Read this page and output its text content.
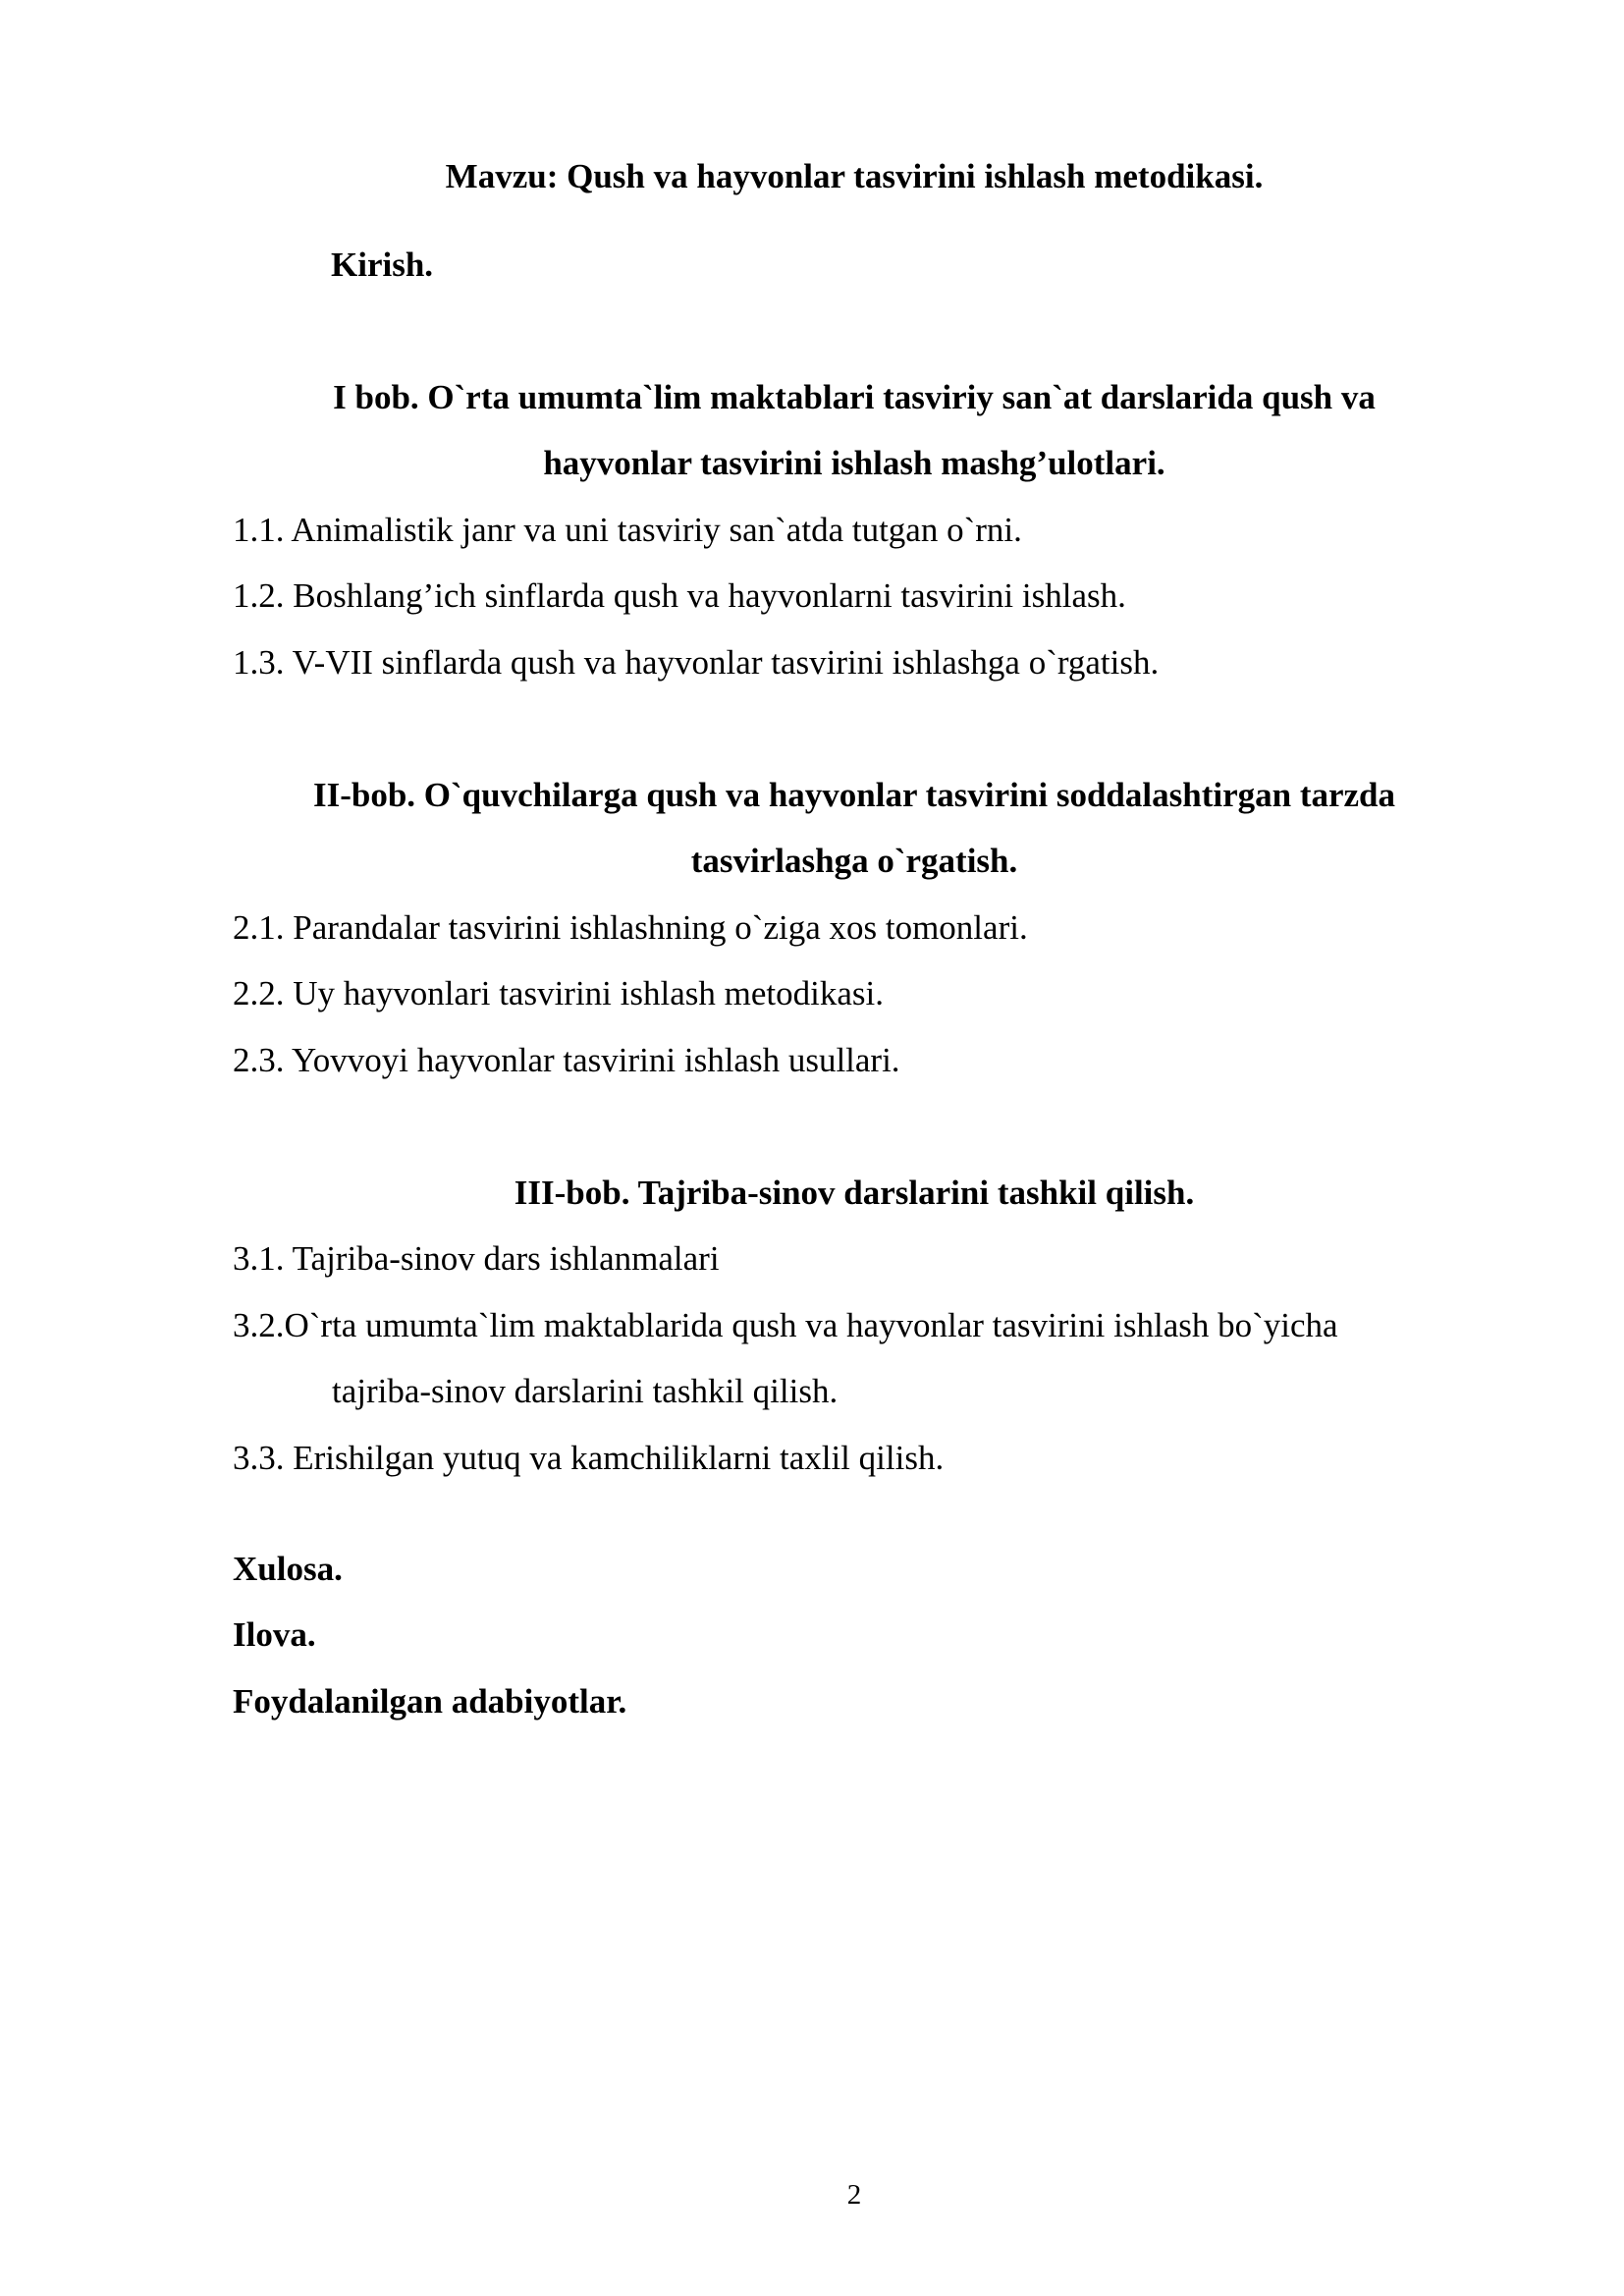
Mavzu: Qush va hayvonlar tasvirini ishlash metodikasi.
Kirish.
I bob. O`rta umumta`lim maktablari tasviriy san`at darslarida qush va
hayvonlar tasvirini ishlash mashg’ulotlari.
1.1. Animalistik janr va uni tasviriy san`atda tutgan o`rni.
1.2. Boshlang’ich sinflarda qush va hayvonlarni tasvirini ishlash.
1.3. V-VII sinflarda qush va hayvonlar tasvirini ishlashga o`rgatish.
II-bob. O`quvchilarga qush va hayvonlar tasvirini soddalashtirgan tarzda
tasvirlashga o`rgatish.
2.1. Parandalar tasvirini ishlashning o`ziga xos tomonlari.
2.2. Uy hayvonlari tasvirini ishlash metodikasi.
2.3. Yovvoyi hayvonlar tasvirini ishlash usullari.
III-bob. Tajriba-sinov darslarini tashkil qilish.
3.1. Tajriba-sinov dars ishlanmalari
3.2.O`rta umumta`lim maktablarida qush va hayvonlar tasvirini ishlash bo`yicha
tajriba-sinov darslarini tashkil qilish.
3.3. Erishilgan yutuq va kamchiliklarni taxlil qilish.
Xulosa.
Ilova.
Foydalanilgan adabiyotlar.
2
